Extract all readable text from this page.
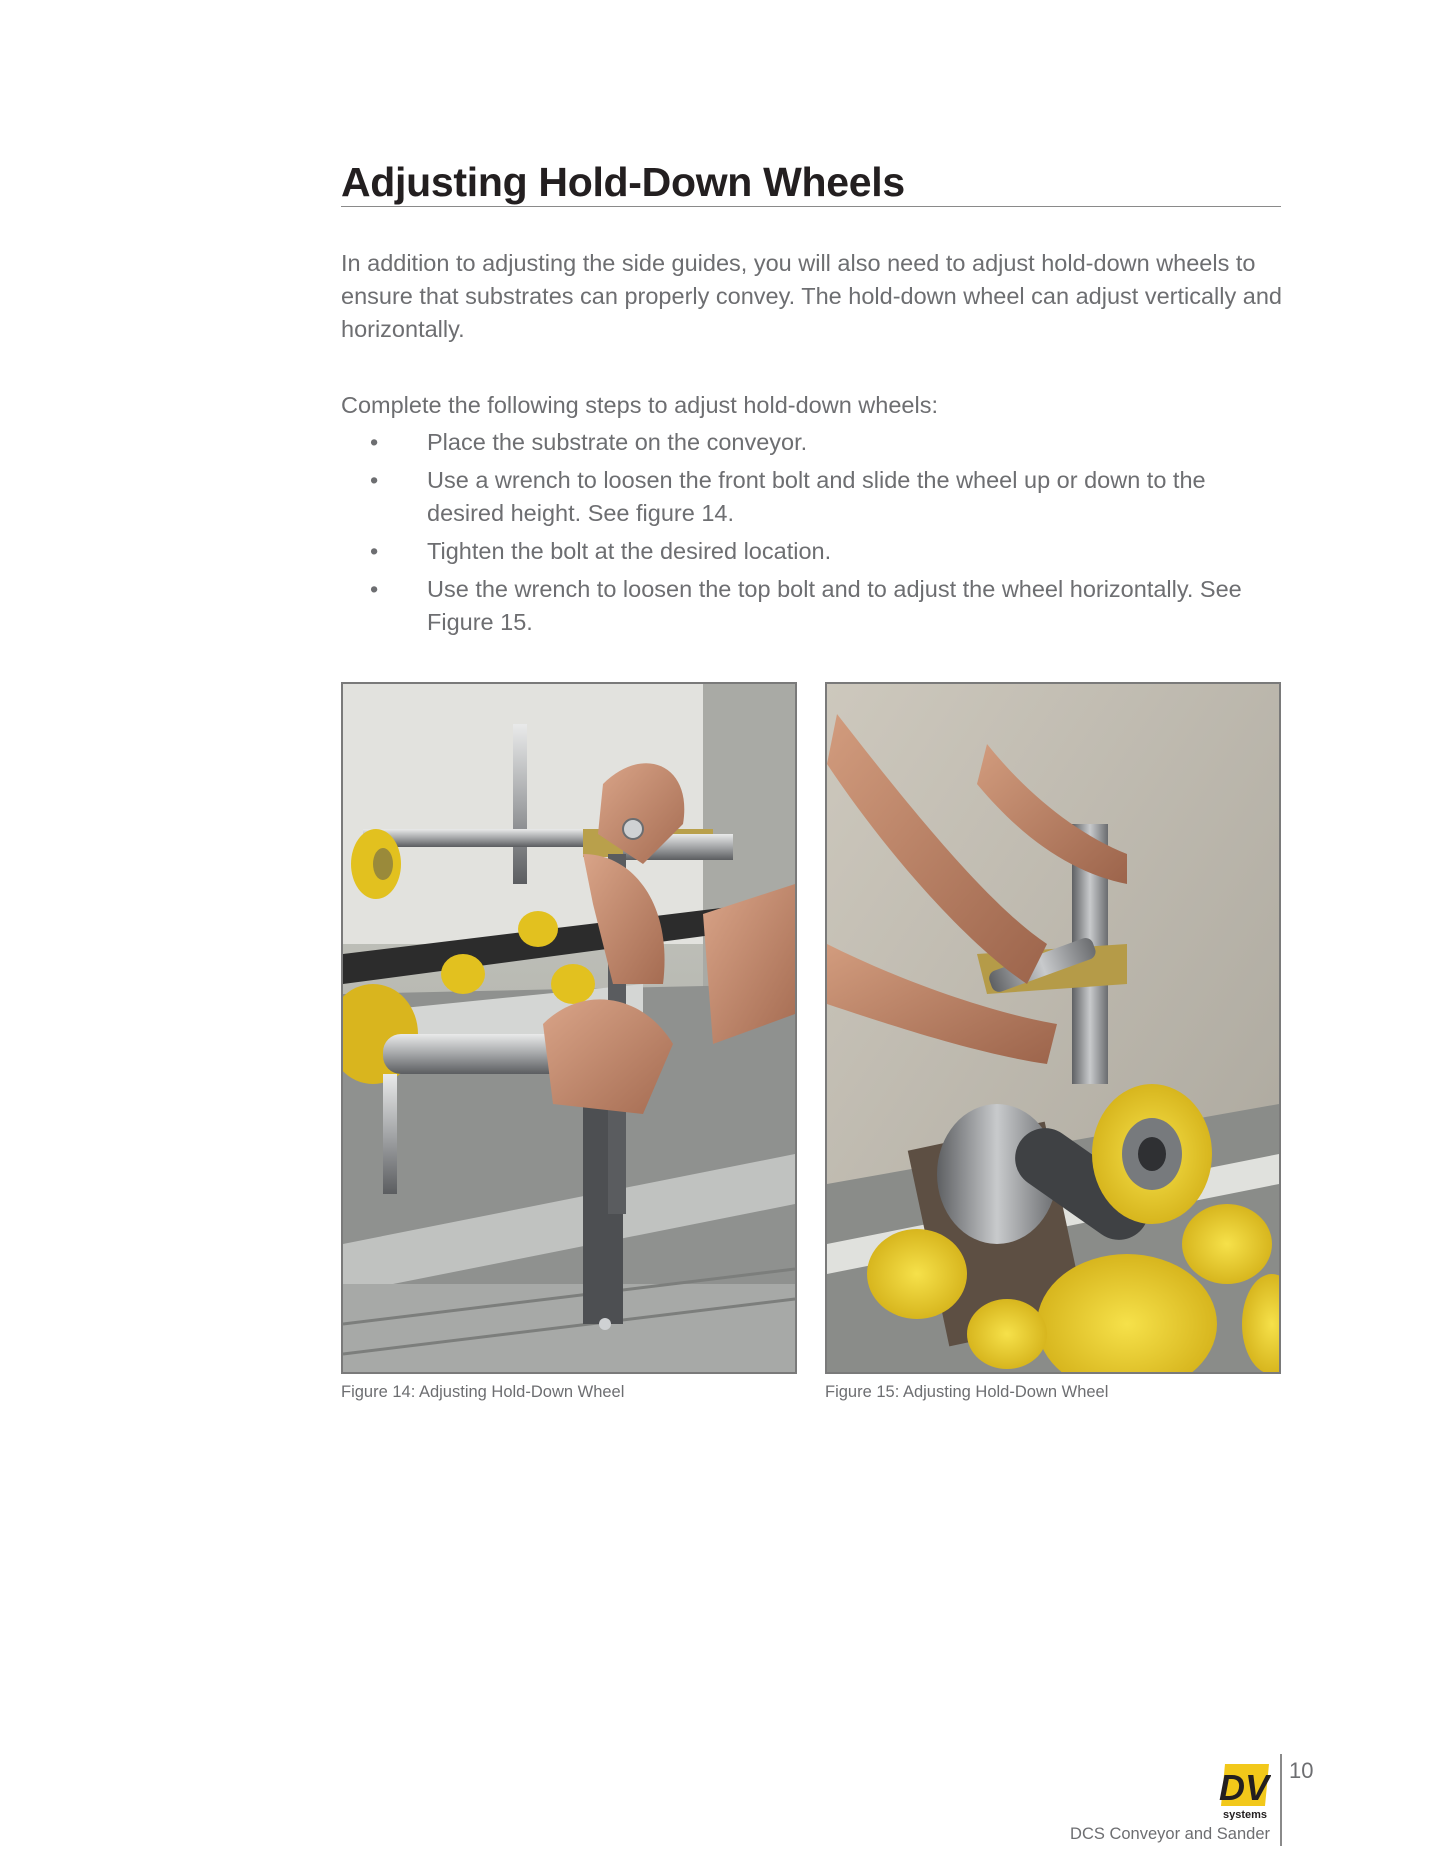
Adjusting Hold-Down Wheels

In addition to adjusting the side guides, you will also need to adjust hold-down wheels to ensure that substrates can properly convey. The hold-down wheel can adjust vertically and horizontally.

Complete the following steps to adjust hold-down wheels:

• Place the substrate on the conveyor.
• Use a wrench to loosen the front bolt and slide the wheel up or down to the desired height. See figure 14.
• Tighten the bolt at the desired location.
• Use the wrench to loosen the top bolt and to adjust the wheel horizontally. See Figure 15.
Figure 14: Adjusting Hold-Down Wheel	Figure 15: Adjusting Hold-Down Wheel
DV
systems
10
DCS Conveyor and Sander
